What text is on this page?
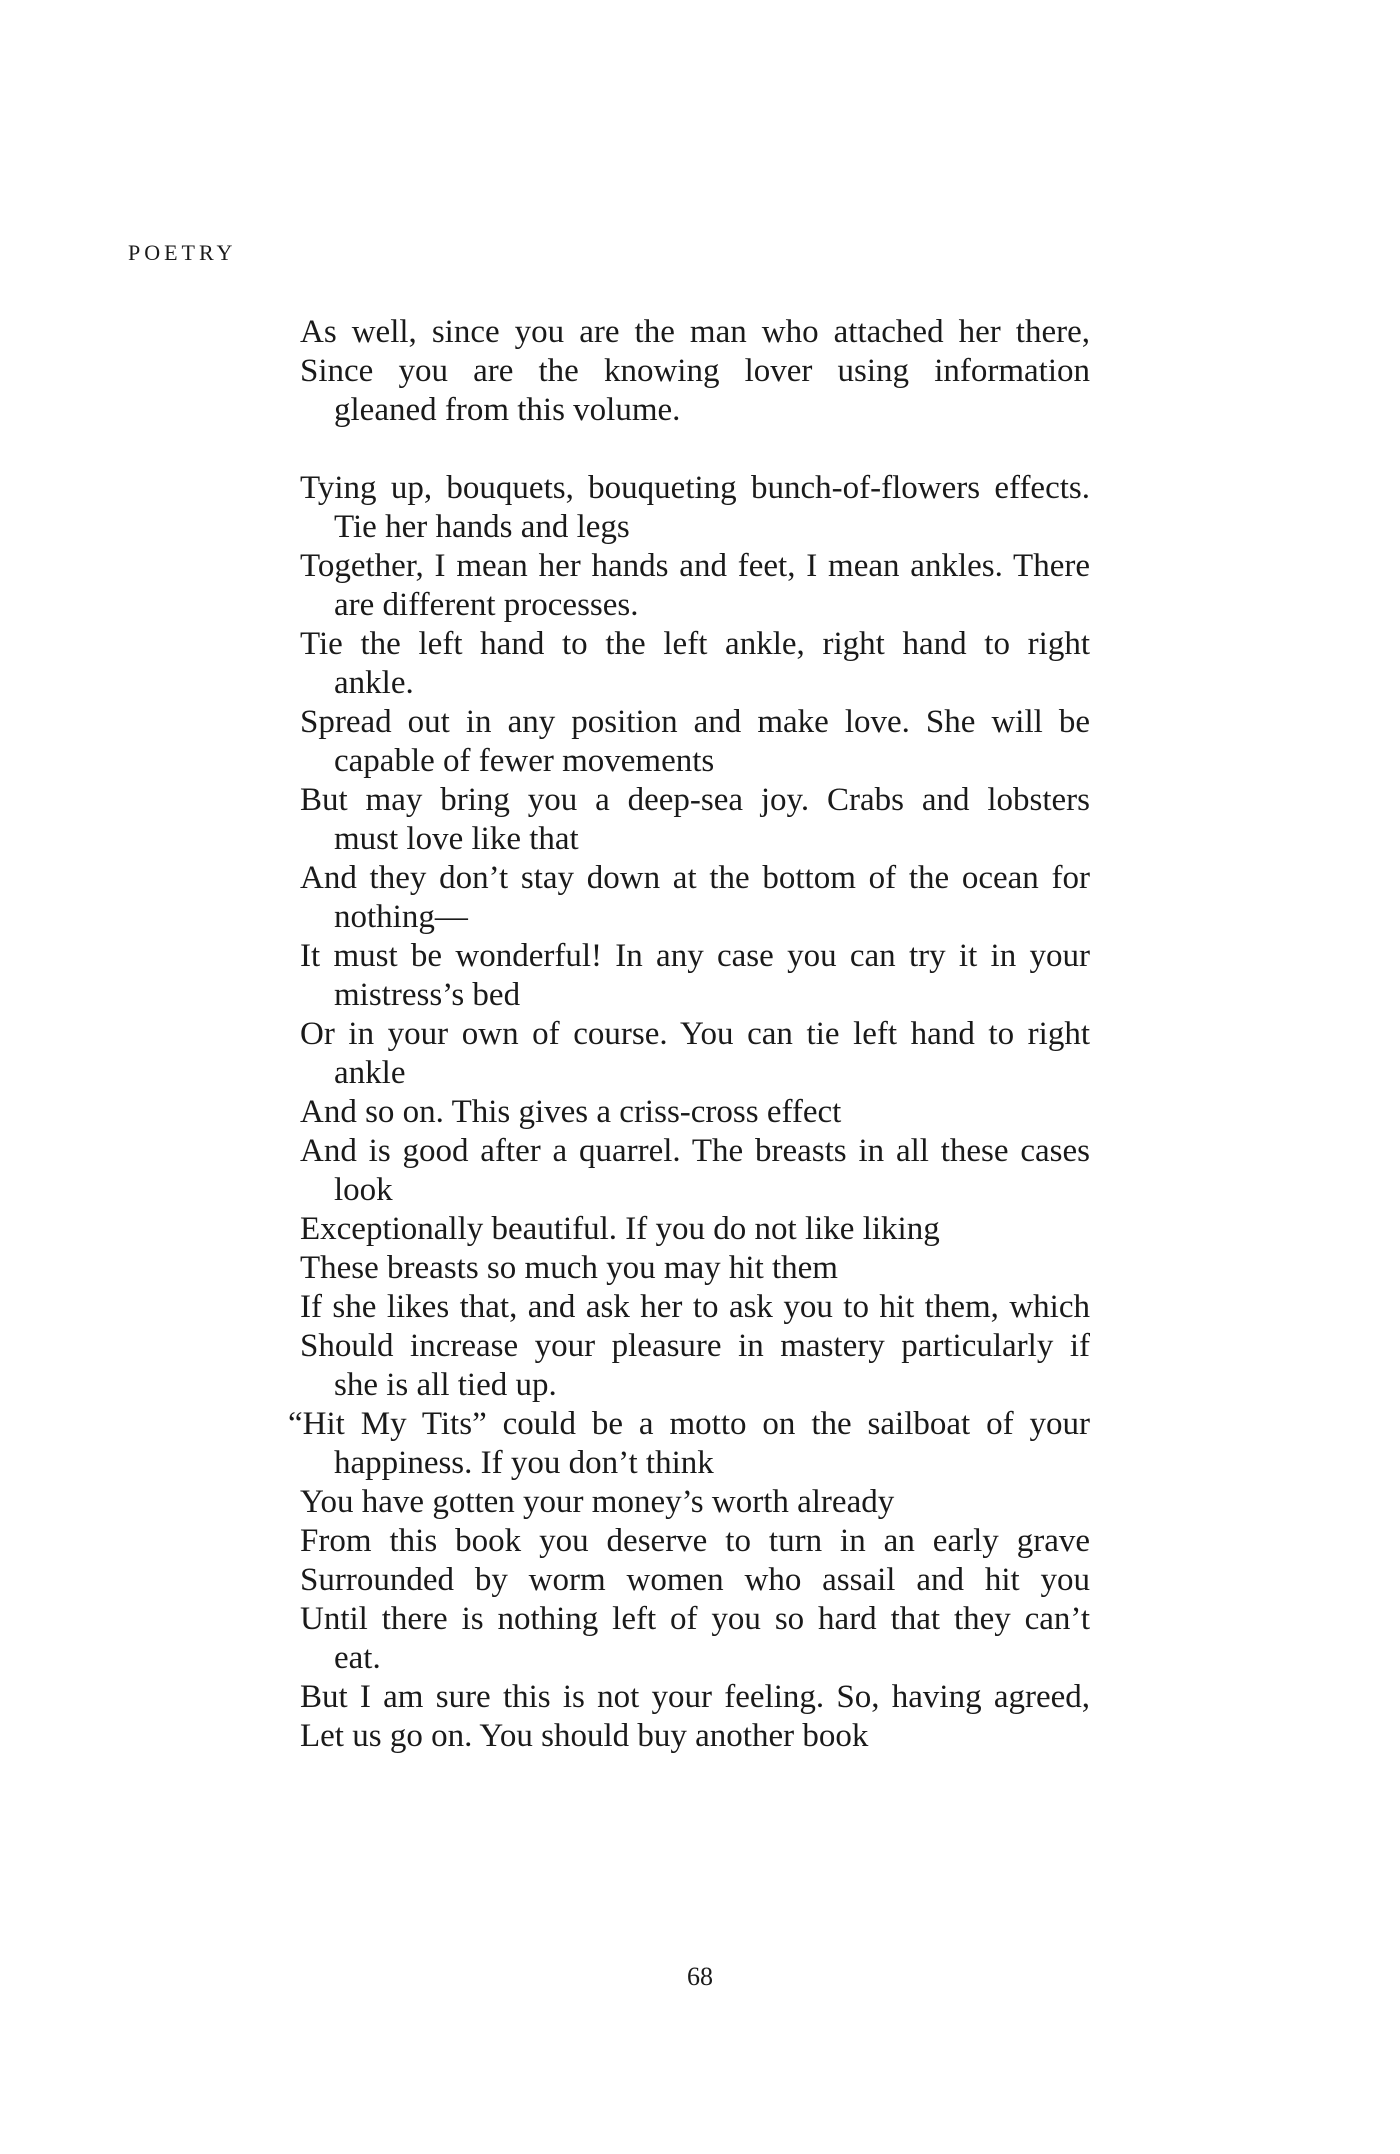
POETRY
As well, since you are the man who attached her there,
Since you are the knowing lover using information
gleaned from this volume.
Tying up, bouquets, bouqueting bunch-of-flowers effects.
Tie her hands and legs
Together, I mean her hands and feet, I mean ankles. There
are different processes.
Tie the left hand to the left ankle, right hand to right
ankle.
Spread out in any position and make love. She will be
capable of fewer movements
But may bring you a deep-sea joy. Crabs and lobsters
must love like that
And they don’t stay down at the bottom of the ocean for
nothing—
It must be wonderful! In any case you can try it in your
mistress’s bed
Or in your own of course. You can tie left hand to right
ankle
And so on. This gives a criss-cross effect
And is good after a quarrel. The breasts in all these cases
look
Exceptionally beautiful. If you do not like liking
These breasts so much you may hit them
If she likes that, and ask her to ask you to hit them, which
Should increase your pleasure in mastery particularly if
she is all tied up.
“Hit My Tits” could be a motto on the sailboat of your
happiness. If you don’t think
You have gotten your money’s worth already
From this book you deserve to turn in an early grave
Surrounded by worm women who assail and hit you
Until there is nothing left of you so hard that they can’t
eat.
But I am sure this is not your feeling. So, having agreed,
Let us go on. You should buy another book
68
